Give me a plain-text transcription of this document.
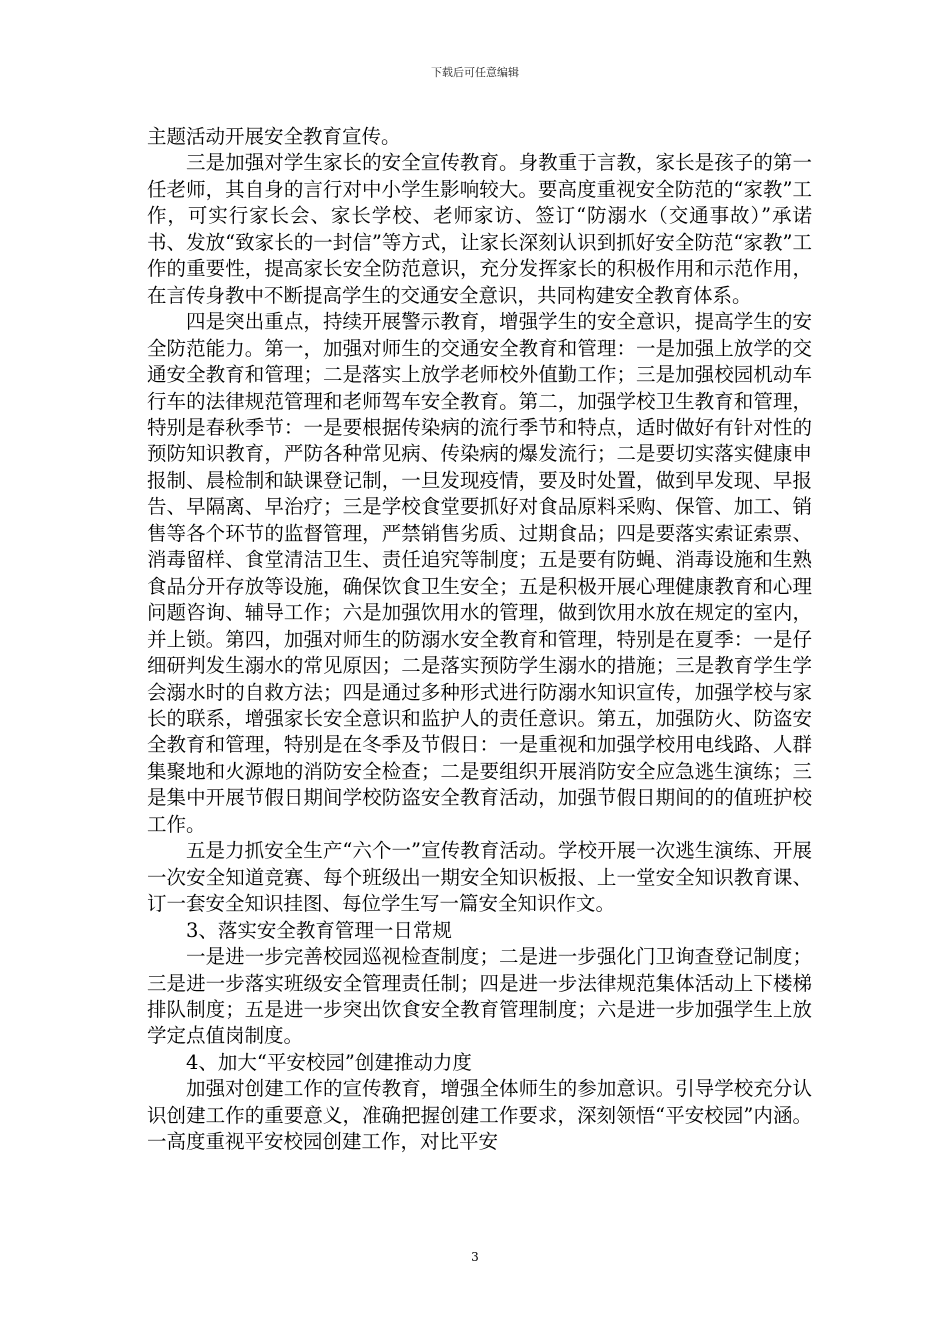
下载后可任意编辑

主题活动开展安全教育宣传。

三是加强对学生家长的安全宣传教育。身教重于言教，家长是孩子的第一任老师，其自身的言行对中小学生影响较大。要高度重视安全防范的“家教”工作，可实行家长会、家长学校、老师家访、签订“防溺水（交通事故）”承诺书、发放“致家长的一封信”等方式，让家长深刻认识到抓好安全防范“家教”工作的重要性，提高家长安全防范意识，充分发挥家长的积极作用和示范作用，在言传身教中不断提高学生的交通安全意识，共同构建安全教育体系。

四是突出重点，持续开展警示教育，增强学生的安全意识，提高学生的安全防范能力。第一，加强对师生的交通安全教育和管理：一是加强上放学的交通安全教育和管理；二是落实上放学老师校外值勤工作；三是加强校园机动车行车的法律规范管理和老师驾车安全教育。第二，加强学校卫生教育和管理，特别是春秋季节：一是要根据传染病的流行季节和特点，适时做好有针对性的预防知识教育，严防各种常见病、传染病的爆发流行；二是要切实落实健康申报制、晨检制和缺课登记制，一旦发现疫情，要及时处置，做到早发现、早报告、早隔离、早治疗；三是学校食堂要抓好对食品原料采购、保管、加工、销售等各个环节的监督管理，严禁销售劣质、过期食品；四是要落实索证索票、消毒留样、食堂清洁卫生、责任追究等制度；五是要有防蝇、消毒设施和生熟食品分开存放等设施，确保饮食卫生安全；五是积极开展心理健康教育和心理问题咨询、辅导工作；六是加强饮用水的管理，做到饮用水放在规定的室内，并上锁。第四，加强对师生的防溺水安全教育和管理，特别是在夏季：一是仔细研判发生溺水的常见原因；二是落实预防学生溺水的措施；三是教育学生学会溺水时的自救方法；四是通过多种形式进行防溺水知识宣传，加强学校与家长的联系，增强家长安全意识和监护人的责任意识。第五，加强防火、防盗安全教育和管理，特别是在冬季及节假日：一是重视和加强学校用电线路、人群集聚地和火源地的消防安全检查；二是要组织开展消防安全应急逃生演练；三是集中开展节假日期间学校防盗安全教育活动，加强节假日期间的的值班护校工作。

五是力抓安全生产“六个一”宣传教育活动。学校开展一次逃生演练、开展一次安全知道竞赛、每个班级出一期安全知识板报、上一堂安全知识教育课、订一套安全知识挂图、每位学生写一篇安全知识作文。

3、落实安全教育管理一日常规

一是进一步完善校园巡视检查制度；二是进一步强化门卫询查登记制度；三是进一步落实班级安全管理责任制；四是进一步法律规范集体活动上下楼梯排队制度；五是进一步突出饮食安全教育管理制度；六是进一步加强学生上放学定点值岗制度。

4、加大“平安校园”创建推动力度

加强对创建工作的宣传教育，增强全体师生的参加意识。引导学校充分认识创建工作的重要意义，准确把握创建工作要求，深刻领悟“平安校园”内涵。一高度重视平安校园创建工作，对比平安

3
